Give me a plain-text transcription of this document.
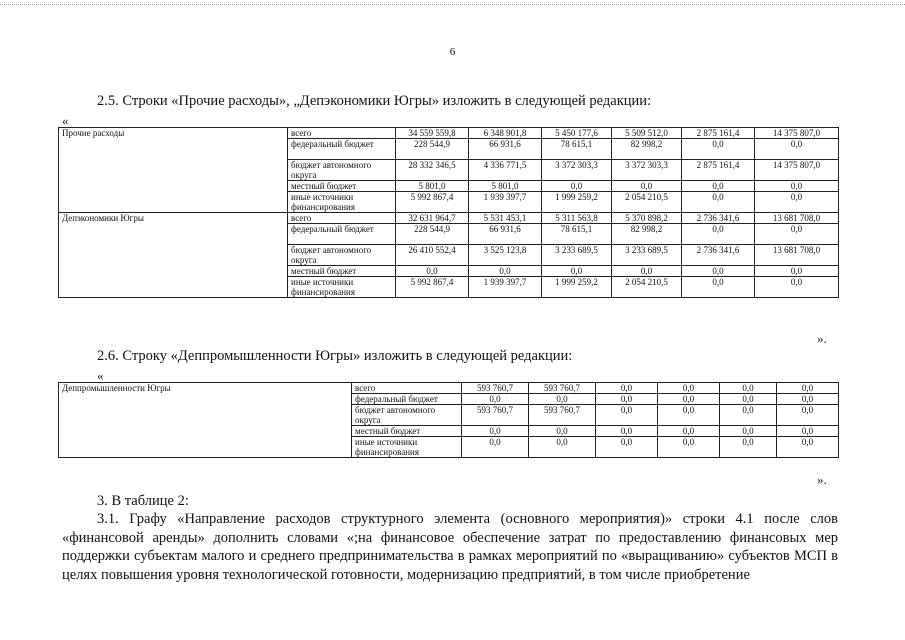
6
2.5. Строки «Прочие расходы», „Депэкономики Югры» изложить в следующей редакции:
«
Прочие расходы	всего	34 559 559,8	6 348 901,8	5 450 177,6	5 509 512,0	2 875 161,4	14 375 807,0
	федеральный бюджет	228 544,9	66 931,6	78 615,1	82 998,2	0,0	0,0
	бюджет автономного округа	28 332 346,5	4 336 771,5	3 372 303,3	3 372 303,3	2 875 161,4	14 375 807,0
	местный бюджет	5 801,0	5 801,0	0,0	0,0	0,0	0,0
	иные источники финансирования	5 992 867,4	1 939 397,7	1 999 259,2	2 054 210,5	0,0	0,0
Депэкономики Югры	всего	32 631 964,7	5 531 453,1	5 311 563,8	5 370 898,2	2 736 341,6	13 681 708,0
	федеральный бюджет	228 544,9	66 931,6	78 615,1	82 998,2	0,0	0,0
	бюджет автономного округа	26 410 552,4	3 525 123,8	3 233 689,5	3 233 689,5	2 736 341,6	13 681 708,0
	местный бюджет	0,0	0,0	0,0	0,0	0,0	0,0
	иные источники финансирования	5 992 867,4	1 939 397,7	1 999 259,2	2 054 210,5	0,0	0,0
».
2.6. Строку «Деппромышленности Югры» изложить в следующей редакции:
«
Деппромышленности Югры	всего	593 760,7	593 760,7	0,0	0,0	0,0	0,0
	федеральный бюджет	0,0	0,0	0,0	0,0	0,0	0,0
	бюджет автономного округа	593 760,7	593 760,7	0,0	0,0	0,0	0,0
	местный бюджет	0,0	0,0	0,0	0,0	0,0	0,0
	иные источники финансирования	0,0	0,0	0,0	0,0	0,0	0,0
».
3. В таблице 2:
3.1. Графу «Направление расходов структурного элемента (основного мероприятия)» строки 4.1 после слов «финансовой аренды» дополнить словами «;на финансовое обеспечение затрат по предоставлению финансовых мер поддержки субъектам малого и среднего предпринимательства в рамках мероприятий по «выращиванию» субъектов МСП в целях повышения уровня технологической готовности, модернизацию предприятий, в том числе приобретение
